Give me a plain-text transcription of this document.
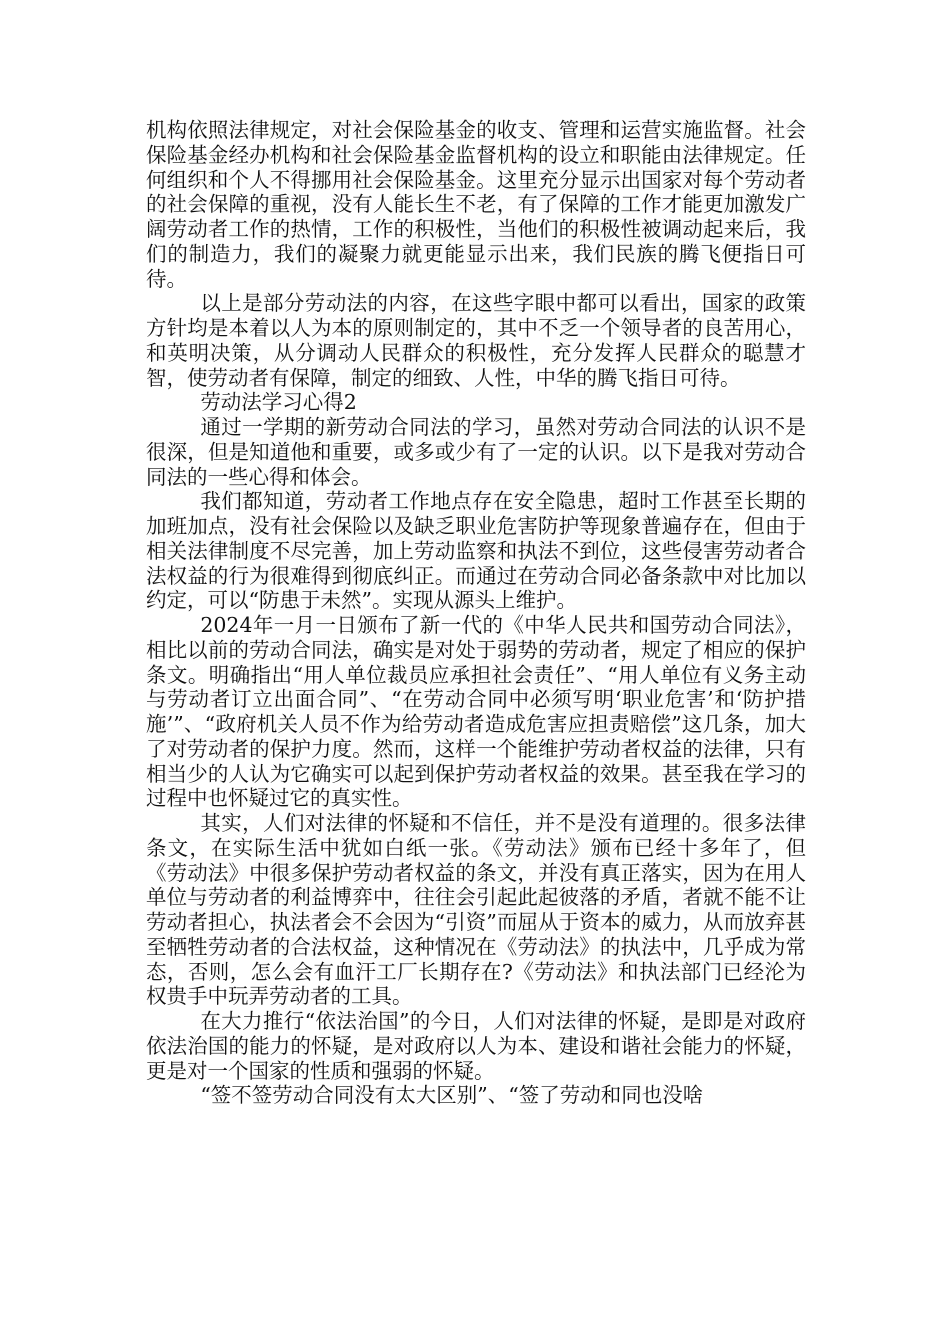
机构依照法律规定，对社会保险基金的收支、管理和运营实施监督。社会保险基金经办机构和社会保险基金监督机构的设立和职能由法律规定。任何组织和个人不得挪用社会保险基金。这里充分显示出国家对每个劳动者的社会保障的重视，没有人能长生不老，有了保障的工作才能更加激发广阔劳动者工作的热情，工作的积极性，当他们的积极性被调动起来后，我们的制造力，我们的凝聚力就更能显示出来，我们民族的腾飞便指日可待。

以上是部分劳动法的内容，在这些字眼中都可以看出，国家的政策方针均是本着以人为本的原则制定的，其中不乏一个领导者的良苦用心，和英明决策，从分调动人民群众的积极性，充分发挥人民群众的聪慧才智，使劳动者有保障，制定的细致、人性，中华的腾飞指日可待。

劳动法学习心得2

通过一学期的新劳动合同法的学习，虽然对劳动合同法的认识不是很深，但是知道他和重要，或多或少有了一定的认识。以下是我对劳动合同法的一些心得和体会。

我们都知道，劳动者工作地点存在安全隐患，超时工作甚至长期的加班加点，没有社会保险以及缺乏职业危害防护等现象普遍存在，但由于相关法律制度不尽完善，加上劳动监察和执法不到位，这些侵害劳动者合法权益的行为很难得到彻底纠正。而通过在劳动合同必备条款中对比加以约定，可以“防患于未然”。实现从源头上维护。

2024年一月一日颁布了新一代的《中华人民共和国劳动合同法》，相比以前的劳动合同法，确实是对处于弱势的劳动者，规定了相应的保护条文。明确指出“用人单位裁员应承担社会责任”、“用人单位有义务主动与劳动者订立出面合同”、“在劳动合同中必须写明‘职业危害’和‘防护措施’”、“政府机关人员不作为给劳动者造成危害应担责赔偿”这几条，加大了对劳动者的保护力度。然而，这样一个能维护劳动者权益的法律，只有相当少的人认为它确实可以起到保护劳动者权益的效果。甚至我在学习的过程中也怀疑过它的真实性。

其实，人们对法律的怀疑和不信任，并不是没有道理的。很多法律条文，在实际生活中犹如白纸一张。《劳动法》颁布已经十多年了，但《劳动法》中很多保护劳动者权益的条文，并没有真正落实，因为在用人单位与劳动者的利益博弈中，往往会引起此起彼落的矛盾，者就不能不让劳动者担心，执法者会不会因为“引资”而屈从于资本的威力，从而放弃甚至牺牲劳动者的合法权益，这种情况在《劳动法》的执法中，几乎成为常态，否则，怎么会有血汗工厂长期存在?《劳动法》和执法部门已经沦为权贵手中玩弄劳动者的工具。

在大力推行“依法治国”的今日，人们对法律的怀疑，是即是对政府依法治国的能力的怀疑，是对政府以人为本、建设和谐社会能力的怀疑，更是对一个国家的性质和强弱的怀疑。

“签不签劳动合同没有太大区别”、“签了劳动和同也没啥
